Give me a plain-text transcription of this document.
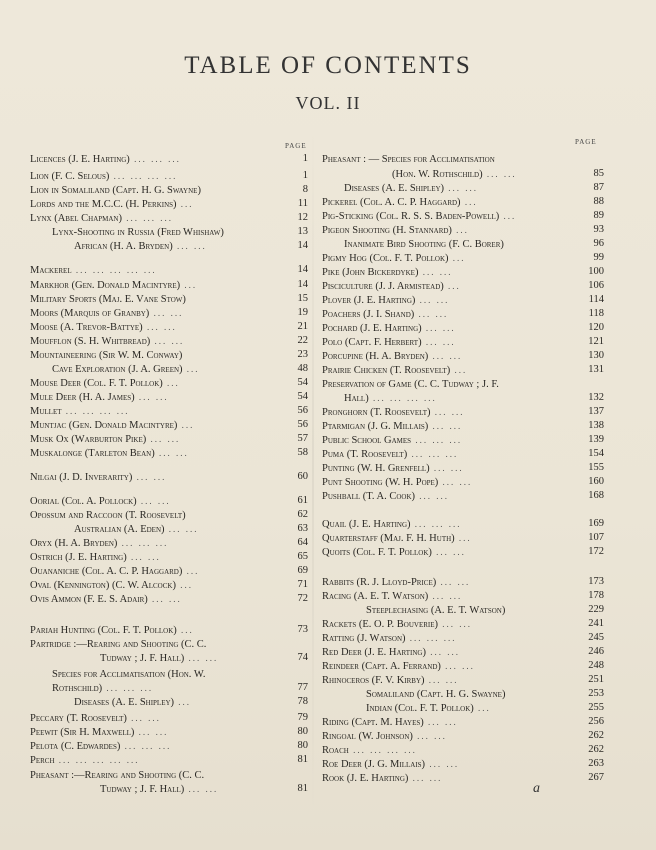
TABLE OF CONTENTS
VOL. II
PAGE
Licences (J. E. Harting) ... ... ...	1
Lion (F. C. Selous) ... ... ... ...	1
Lion in Somaliland (Capt. H. G. Swayne)	8
Lords and the M.C.C. (H. Perkins) ...	11
Lynx (Abel Chapman) ... ... ...	12
Lynx-Shooting in Russia (Fred Whishaw)	13
African (H. A. Bryden) ... ...	14
Mackerel ... ... ... ... ...	14
Markhor (Gen. Donald Macintyre) ...	14
Military Sports (Maj. E. Vane Stow)	15
Moors (Marquis of Granby) ... ...	19
Moose (A. Trevor-Battye) ... ...	21
Moufflon (S. H. Whitbread) ... ...	22
Mountaineering (Sir W. M. Conway)	23
Cave Exploration (J. A. Green) ...	48
Mouse Deer (Col. F. T. Pollok) ...	54
Mule Deer (H. A. James) ... ...	54
Mullet ... ... ... ...	56
Muntjac (Gen. Donald Macintyre) ...	56
Musk Ox (Warburton Pike) ... ...	57
Muskalonge (Tarleton Bean) ... ...	58
Nilgai (J. D. Inverarity) ... ...	60
Oorial (Col. A. Pollock) ... ...	61
Opossum and Raccoon (T. Roosevelt)	62
Australian (A. Eden) ... ...	63
Oryx (H. A. Bryden) ... ... ...	64
Ostrich (J. E. Harting) ... ...	65
Ouananiche (Col. A. C. P. Haggard) ...	69
Oval (Kennington) (C. W. Alcock) ...	71
Ovis Ammon (F. E. S. Adair) ... ...	72
Pariah Hunting (Col. F. T. Pollok) ...	73
Partridge :—Rearing and Shooting (C. C.
Tudway ; J. F. Hall) ... ...	74
Species for Acclimatisation (Hon. W.
Rothschild) ... ... ...	77
Diseases (A. E. Shipley) ...	78
Peccary (T. Roosevelt) ... ...	79
Peewit (Sir H. Maxwell) ... ...	80
Pelota (C. Edwardes) ... ... ...	80
Perch ... ... ... ... ...	81
Pheasant :—Rearing and Shooting (C. C.
Tudway ; J. F. Hall) ... ...	81
PAGE
Pheasant : — Species for Acclimatisation
(Hon. W. Rothschild) ... ...	85
Diseases (A. E. Shipley) ... ...	87
Pickerel (Col. A. C. P. Haggard) ...	88
Pig-Sticking (Col. R. S. S. Baden-Powell) ...	89
Pigeon Shooting (H. Stannard) ...	93
Inanimate Bird Shooting (F. C. Borer)	96
Pigmy Hog (Col. F. T. Pollok) ...	99
Pike (John Bickerdyke) ... ...	100
Pisciculture (J. J. Armistead) ...	106
Plover (J. E. Harting) ... ...	114
Poachers (J. I. Shand) ... ...	118
Pochard (J. E. Harting) ... ...	120
Polo (Capt. F. Herbert) ... ...	121
Porcupine (H. A. Bryden) ... ...	130
Prairie Chicken (T. Roosevelt) ...	131
Preservation of Game (C. C. Tudway ; J. F.
Hall) ... ... ... ...	132
Pronghorn (T. Roosevelt) ... ...	137
Ptarmigan (J. G. Millais) ... ...	138
Public School Games ... ... ...	139
Puma (T. Roosevelt) ... ... ...	154
Punting (W. H. Grenfell) ... ...	155
Punt Shooting (W. H. Pope) ... ...	160
Pushball (T. A. Cook) ... ...	168
Quail (J. E. Harting) ... ... ...	169
Quarterstaff (Maj. F. H. Huth) ...	107
Quoits (Col. F. T. Pollok) ... ...	172
Rabbits (R. J. Lloyd-Price) ... ...	173
Racing (A. E. T. Watson) ... ...	178
Steeplechasing (A. E. T. Watson)	229
Rackets (E. O. P. Bouverie) ... ...	241
Ratting (J. Watson) ... ... ...	245
Red Deer (J. E. Harting) ... ...	246
Reindeer (Capt. A. Ferrand) ... ...	248
Rhinoceros (F. V. Kirby) ... ...	251
Somaliland (Capt. H. G. Swayne)	253
Indian (Col. F. T. Pollok) ...	255
Riding (Capt. M. Hayes) ... ...	256
Ringoal (W. Johnson) ... ...	262
Roach ... ... ... ...	262
Roe Deer (J. G. Millais) ... ...	263
Rook (J. E. Harting) ... ...	267
a
